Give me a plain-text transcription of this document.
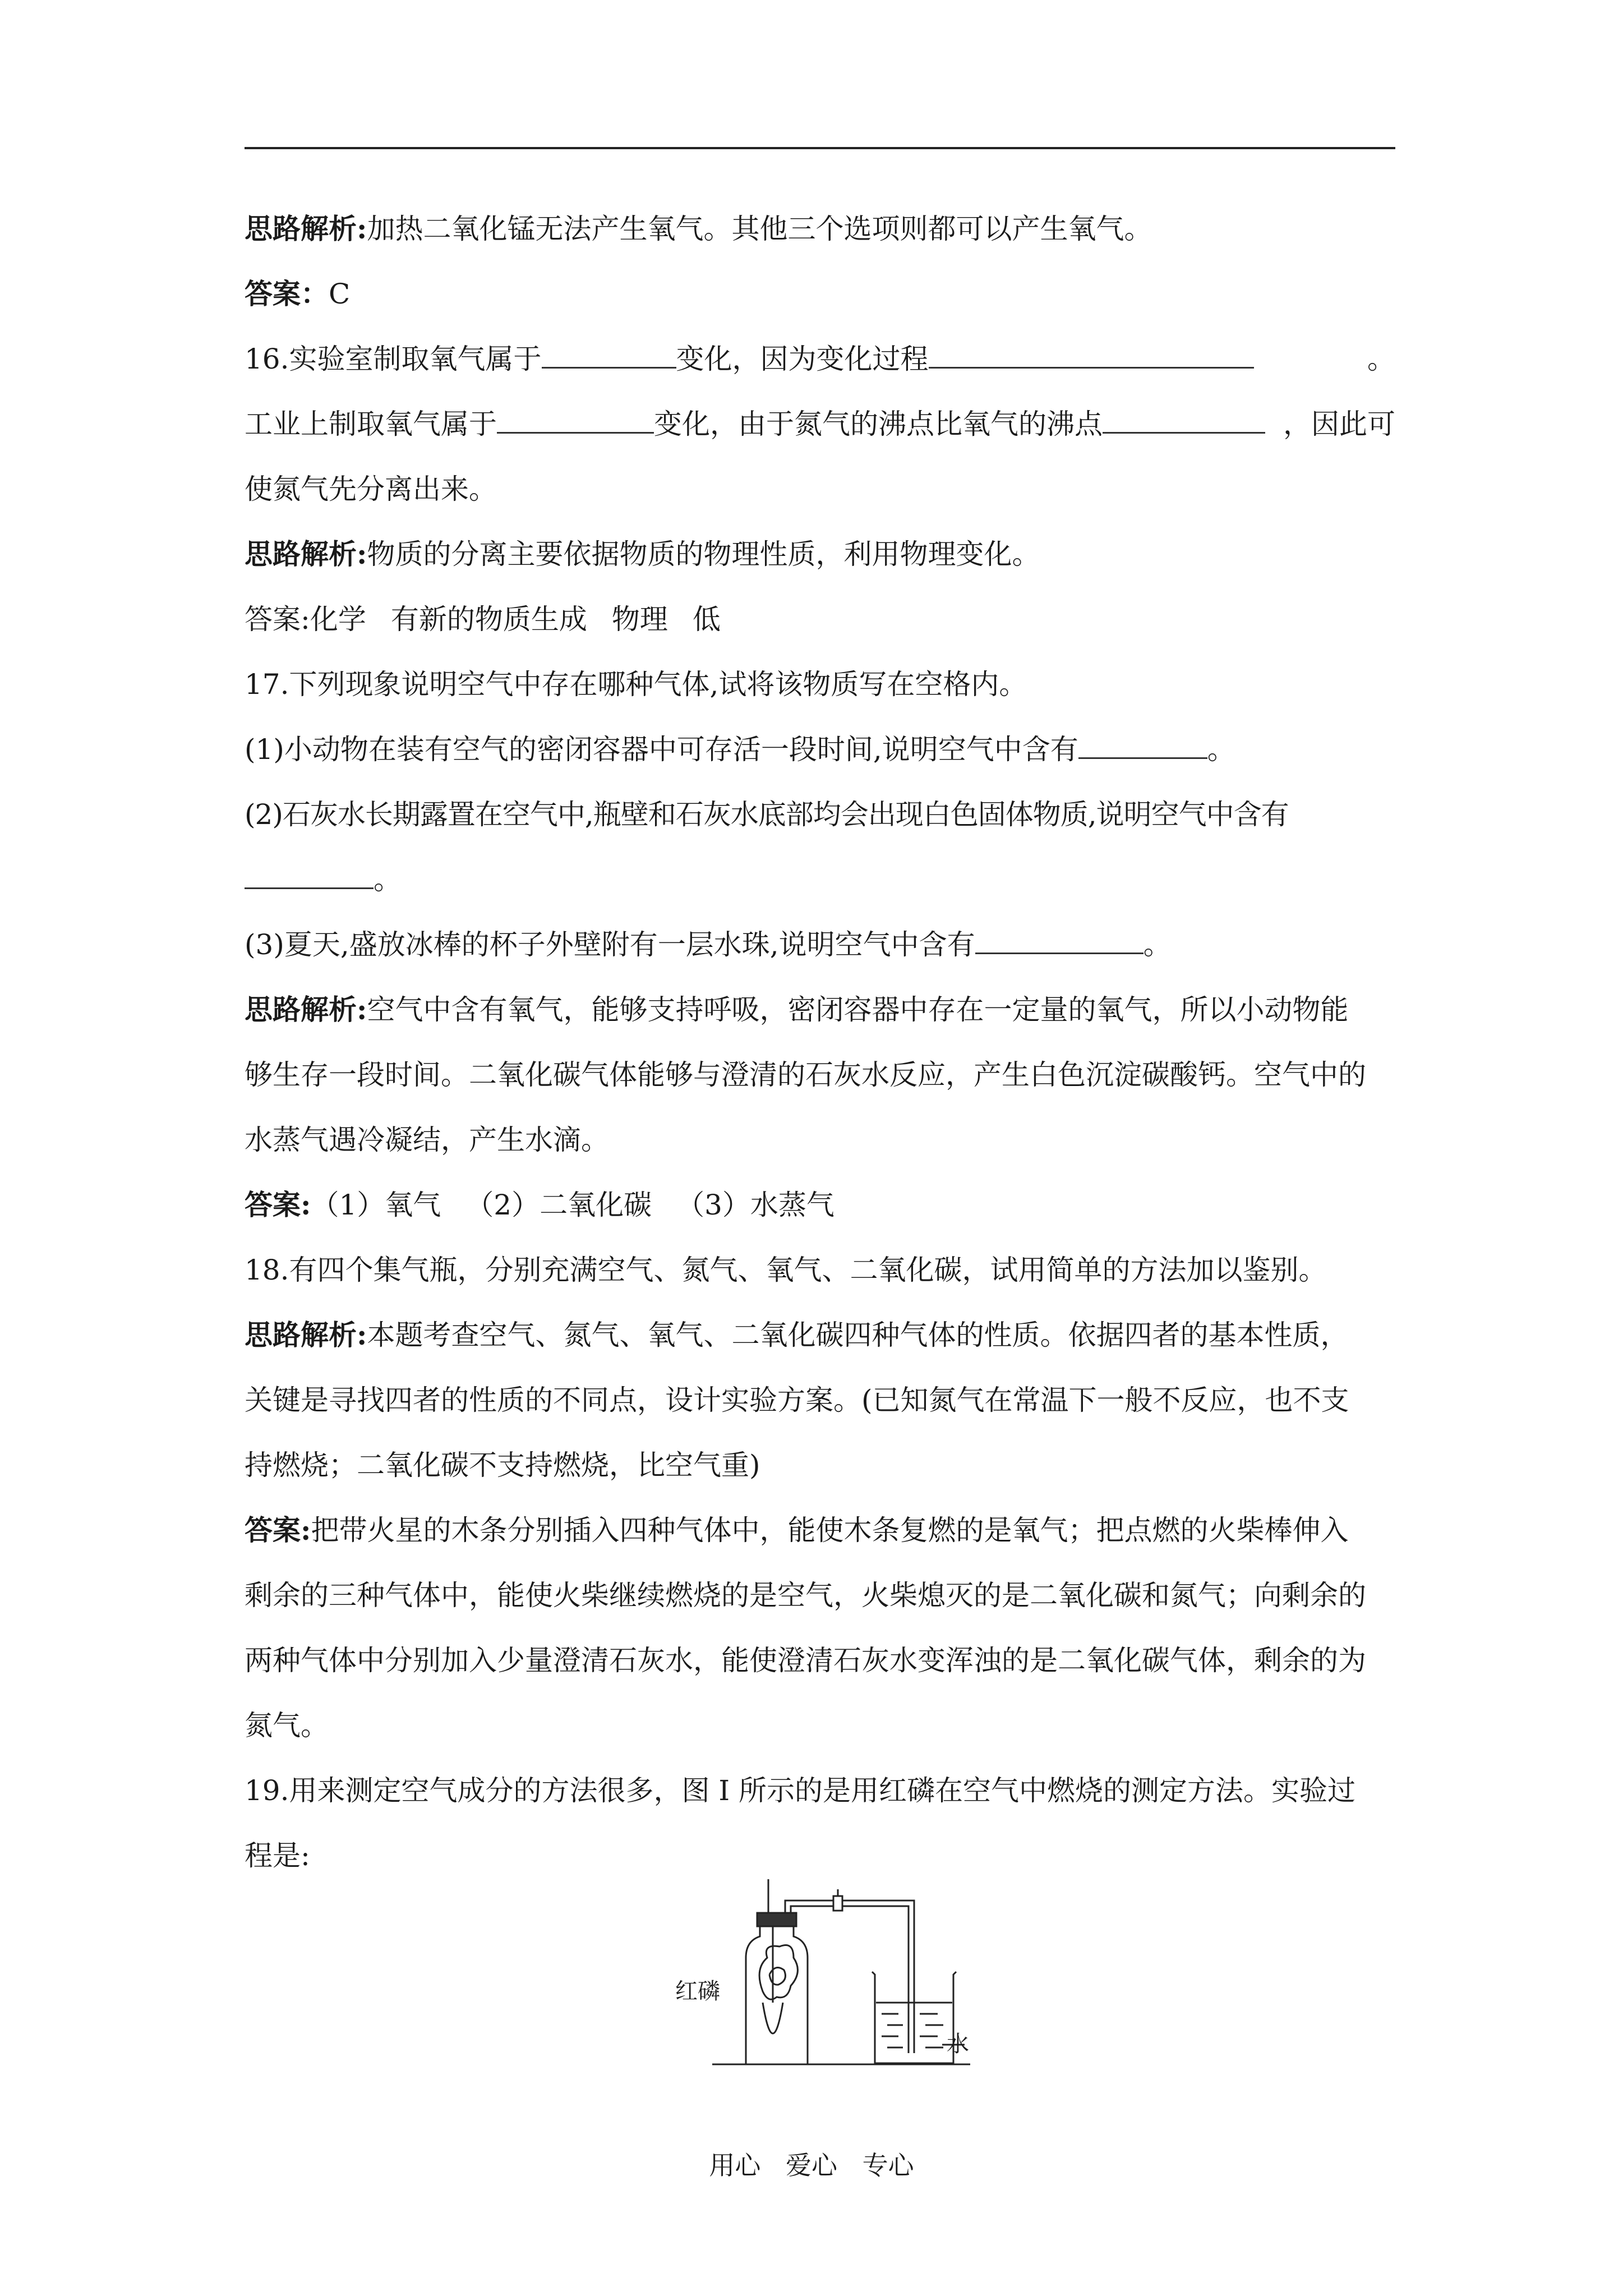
思路解析:加热二氧化锰无法产生氧气。其他三个选项则都可以产生氧气。
答案：C
16.实验室制取氧气属于	变化，因为变化过程	。
工业上制取氧气属于	变化，由于氮气的沸点比氧气的沸点	，因此可
使氮气先分离出来。
思路解析:物质的分离主要依据物质的物理性质，利用物理变化。
答案:化学 有新的物质生成 物理 低
17.下列现象说明空气中存在哪种气体,试将该物质写在空格内。
(1)小动物在装有空气的密闭容器中可存活一段时间,说明空气中含有	。
(2)石灰水长期露置在空气中,瓶壁和石灰水底部均会出现白色固体物质,说明空气中含有
。
(3)夏天,盛放冰棒的杯子外壁附有一层水珠,说明空气中含有	。
思路解析:空气中含有氧气，能够支持呼吸，密闭容器中存在一定量的氧气，所以小动物能
够生存一段时间。二氧化碳气体能够与澄清的石灰水反应，产生白色沉淀碳酸钙。空气中的
水蒸气遇冷凝结，产生水滴。
答案:（1）氧气 （2）二氧化碳 （3）水蒸气
18.有四个集气瓶，分别充满空气、氮气、氧气、二氧化碳，试用简单的方法加以鉴别。
思路解析:本题考查空气、氮气、氧气、二氧化碳四种气体的性质。依据四者的基本性质，
关键是寻找四者的性质的不同点，设计实验方案。(已知氮气在常温下一般不反应，也不支
持燃烧；二氧化碳不支持燃烧，比空气重)
答案:把带火星的木条分别插入四种气体中，能使木条复燃的是氧气；把点燃的火柴棒伸入
剩余的三种气体中，能使火柴继续燃烧的是空气，火柴熄灭的是二氧化碳和氮气；向剩余的
两种气体中分别加入少量澄清石灰水，能使澄清石灰水变浑浊的是二氧化碳气体，剩余的为
氮气。
19.用来测定空气成分的方法很多，图 I 所示的是用红磷在空气中燃烧的测定方法。实验过
程是:
红磷
水
用心 爱心 专心
